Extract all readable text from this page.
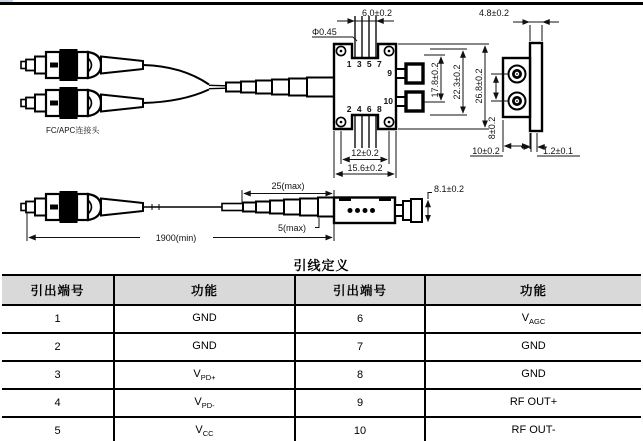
FC/APC连接头
1 3 5 7
2 4 6 8
9
10
6.0±0.2
Φ0.45
12±0.2
15.6±0.2
17.8±0.2 22.3±0.2 26.8±0.2
4.8±0.2
8±0.2
10±0.2	1.2±0.1
25(max)
5(max)
1900(min)
8.1±0.2
引线定义
引出端号	功能	引出端号	功能
1	GND	6	$V_{AGC}$
2	GND	7	GND
3	$V_{PD+}$	8	GND
4	$V_{PD-}$	9	RF OUT+
5	$V_{CC}$	10	RF OUT-
